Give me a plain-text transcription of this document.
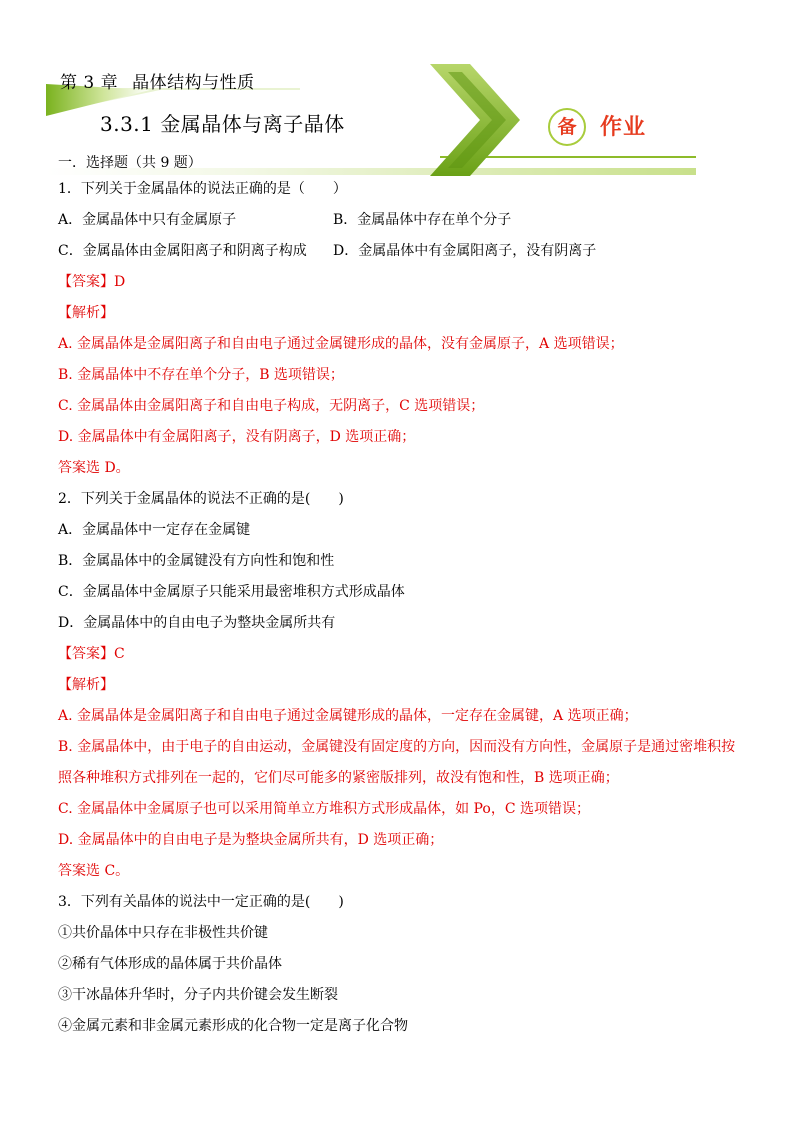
第 3 章 晶体结构与性质
3.3.1 金属晶体与离子晶体	备	作业
一．选择题（共 9 题）
1．下列关于金属晶体的说法正确的是（　　）
A．金属晶体中只有金属原子	B．金属晶体中存在单个分子
C．金属晶体由金属阳离子和阴离子构成	D．金属晶体中有金属阳离子，没有阴离子
【答案】D
【解析】
A. 金属晶体是金属阳离子和自由电子通过金属键形成的晶体，没有金属原子，A 选项错误；
B. 金属晶体中不存在单个分子，B 选项错误；
C. 金属晶体由金属阳离子和自由电子构成，无阴离子，C 选项错误；
D. 金属晶体中有金属阳离子，没有阴离子，D 选项正确；
答案选 D。
2．下列关于金属晶体的说法不正确的是(　　)
A．金属晶体中一定存在金属键
B．金属晶体中的金属键没有方向性和饱和性
C．金属晶体中金属原子只能采用最密堆积方式形成晶体
D．金属晶体中的自由电子为整块金属所共有
【答案】C
【解析】
A. 金属晶体是金属阳离子和自由电子通过金属键形成的晶体，一定存在金属键，A 选项正确；
B. 金属晶体中，由于电子的自由运动，金属键没有固定度的方向，因而没有方向性，金属原子是通过密堆积按照各种堆积方式排列在一起的，它们尽可能多的紧密版排列，故没有饱和性，B 选项正确；
C. 金属晶体中金属原子也可以采用简单立方堆积方式形成晶体，如 Po，C 选项错误；
D. 金属晶体中的自由电子是为整块金属所共有，D 选项正确；
答案选 C。
3．下列有关晶体的说法中一定正确的是(　　)
①共价晶体中只存在非极性共价键
②稀有气体形成的晶体属于共价晶体
③干冰晶体升华时，分子内共价键会发生断裂
④金属元素和非金属元素形成的化合物一定是离子化合物
